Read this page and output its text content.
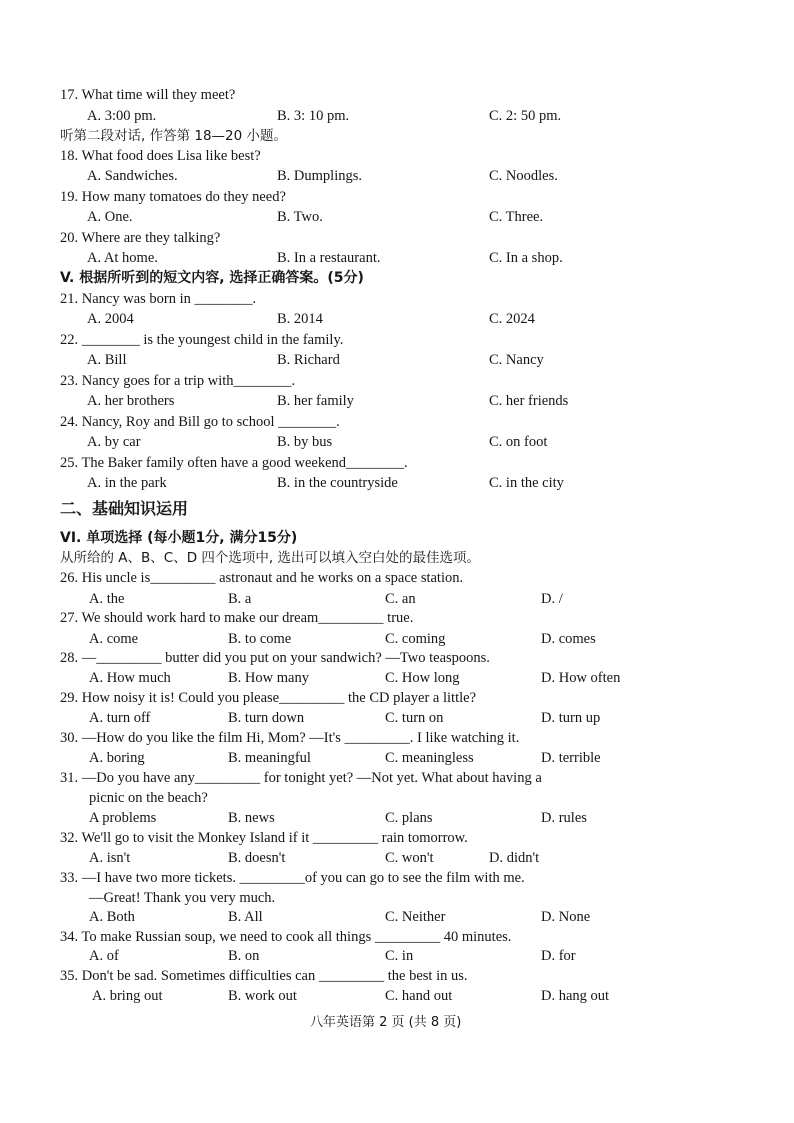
17. What time will they meet?
A. 3:00 pm.	B. 3: 10 pm.	C. 2: 50 pm.
听第二段对话, 作答第 18—20 小题。
18. What food does Lisa like best?
A. Sandwiches.	B. Dumplings.	C. Noodles.
19. How many tomatoes do they need?
A. One.	B. Two.	C. Three.
20. Where are they talking?
A. At home.	B. In a restaurant.	C. In a shop.
V. 根据所听到的短文内容, 选择正确答案。(5分)
21. Nancy was born in ________.
A. 2004	B. 2014	C. 2024
22. ________ is the youngest child in the family.
A. Bill	B. Richard	C. Nancy
23. Nancy goes for a trip with________.
A. her brothers	B. her family	C. her friends
24. Nancy, Roy and Bill go to school ________.
A. by car	B. by bus	C. on foot
25. The Baker family often have a good weekend________.
A. in the park	B. in the countryside	C. in the city
二、基础知识运用
VI. 单项选择 (每小题1分, 满分15分)
从所给的 A、B、C、D 四个选项中, 选出可以填入空白处的最佳选项。
26. His uncle is_________ astronaut and he works on a space station.
A. the	B. a	C. an	D. /
27. We should work hard to make our dream_________ true.
A. come	B. to come	C. coming	D. comes
28. —_________ butter did you put on your sandwich? —Two teaspoons.
A. How much	B. How many	C. How long	D. How often
29. How noisy it is! Could you please_________ the CD player a little?
A. turn off	B. turn down	C. turn on	D. turn up
30. —How do you like the film Hi, Mom? —It's _________. I like watching it.
A. boring	B. meaningful	C. meaningless	D. terrible
31. —Do you have any_________ for tonight yet? —Not yet. What about having a
picnic on the beach?
A problems	B. news	C. plans	D. rules
32. We'll go to visit the Monkey Island if it _________ rain tomorrow.
A. isn't	B. doesn't	C. won't	D. didn't
33. —I have two more tickets. _________of you can go to see the film with me.
—Great! Thank you very much.
A. Both	B. All	C. Neither	D. None
34. To make Russian soup, we need to cook all things _________ 40 minutes.
A. of	B. on	C. in	D. for
35. Don't be sad. Sometimes difficulties can _________ the best in us.
A. bring out	B. work out	C. hand out	D. hang out
八年英语第 2 页 (共 8 页)
